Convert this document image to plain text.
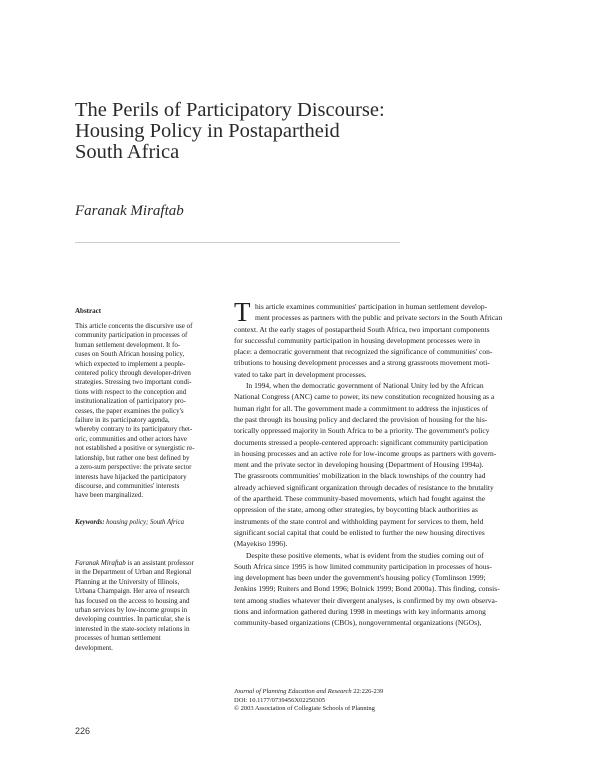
The Perils of Participatory Discourse:
Housing Policy in Postapartheid
South Africa
Faranak Miraftab
Abstract
This article concerns the discursive use of
community participation in processes of
human settlement development. It fo-
cuses on South African housing policy,
which expected to implement a people-
centered policy through developer-driven
strategies. Stressing two important condi-
tions with respect to the conception and
institutionalization of participatory pro-
cesses, the paper examines the policy's
failure in its participatory agenda,
whereby contrary to its participatory rhet-
oric, communities and other actors have
not established a positive or synergistic re-
lationship, but rather one best defined by
a zero-sum perspective: the private sector
interests have hijacked the participatory
discourse, and communities' interests
have been marginalized.
Keywords: housing policy; South Africa
Faranak Miraftab is an assistant professor
in the Department of Urban and Regional
Planning at the University of Illinois,
Urbana Champaign. Her area of research
has focused on the access to housing and
urban services by low-income groups in
developing countries. In particular, she is
interested in the state-society relations in
processes of human settlement
development.
T his article examines communities' participation in human settlement develop-
ment processes as partners with the public and private sectors in the South African
context. At the early stages of postapartheid South Africa, two important components
for successful community participation in housing development processes were in
place: a democratic government that recognized the significance of communities' con-
tributions to housing development processes and a strong grassroots movement moti-
vated to take part in development processes.
In 1994, when the democratic government of National Unity led by the African
National Congress (ANC) came to power, its new constitution recognized housing as a
human right for all. The government made a commitment to address the injustices of
the past through its housing policy and declared the provision of housing for the his-
torically oppressed majority in South Africa to be a priority. The government's policy
documents stressed a people-centered approach: significant community participation
in housing processes and an active role for low-income groups as partners with govern-
ment and the private sector in developing housing (Department of Housing 1994a).
The grassroots communities' mobilization in the black townships of the country had
already achieved significant organization through decades of resistance to the brutality
of the apartheid. These community-based movements, which had fought against the
oppression of the state, among other strategies, by boycotting black authorities as
instruments of the state control and withholding payment for services to them, held
significant social capital that could be enlisted to further the new housing directives
(Mayekiso 1996).
Despite these positive elements, what is evident from the studies coming out of
South Africa since 1995 is how limited community participation in processes of hous-
ing development has been under the government's housing policy (Tomlinson 1999;
Jenkins 1999; Ruiters and Bond 1996; Bolnick 1999; Bond 2000a). This finding, consis-
tent among studies whatever their divergent analyses, is confirmed by my own observa-
tions and information gathered during 1998 in meetings with key informants among
community-based organizations (CBOs), nongovernmental organizations (NGOs),
Journal of Planning Education and Research 22:226-239
DOI: 10.1177/0739456X02250305
© 2003 Association of Collegiate Schools of Planning
226
